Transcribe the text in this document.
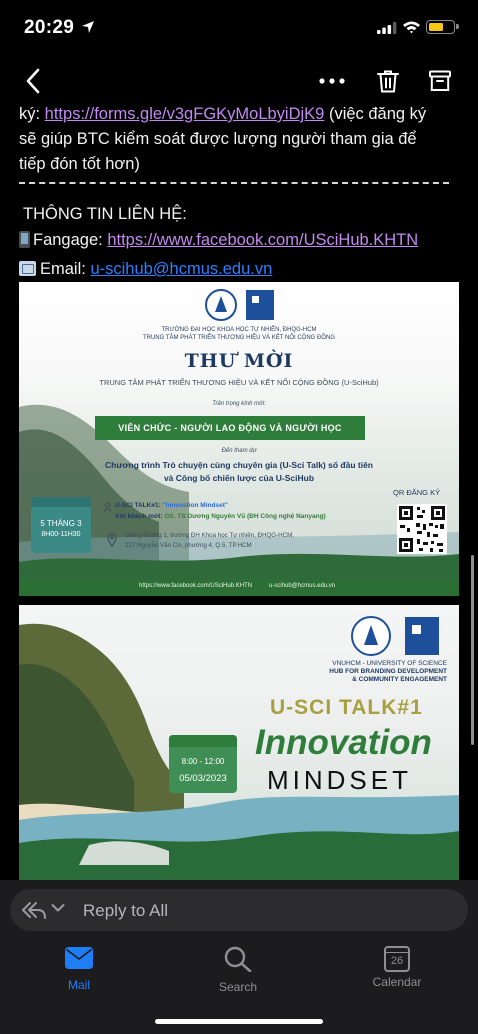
20:29
ký: https://forms.gle/v3gFGKyMoLbyiDjK9 (việc đăng ký
sẽ giúp BTC kiểm soát được lượng người tham gia để
tiếp đón tốt hơn)
THÔNG TIN LIÊN HỆ:
Fangage: https://www.facebook.com/USciHub.KHTN
Email: u-scihub@hcmus.edu.vn
TRƯỜNG ĐẠI HỌC KHOA HỌC TỰ NHIÊN, ĐHQG-HCM
TRUNG TÂM PHÁT TRIỂN THƯƠNG HIỆU VÀ KẾT NỐI CỘNG ĐỒNG
THƯ MỜI
TRUNG TÂM PHÁT TRIỂN THƯƠNG HIỆU VÀ KẾT NỐI CỘNG ĐỒNG (U-SciHub)
Trân trọng kính mời:
VIÊN CHỨC - NGƯỜI LAO ĐỘNG VÀ NGƯỜI HỌC
Đến tham dự
Chương trình Trò chuyện cùng chuyên gia (U-Sci Talk) số đầu tiên
và Công bố chiến lược của U-SciHub
5 THÁNG 3
8H00-11H30
U-SCI TALK#1: "Innovation Mindset"
Với khách mời: GS. TS Dương Nguyên Vũ (ĐH Công nghệ Nanyang)
Giảng đường 1, trường ĐH Khoa học Tự nhiên, ĐHQG-HCM,
227 Nguyễn Văn Cừ, phường 4, Q.5, TP.HCM
QR ĐĂNG KÝ
https://www.facebook.com/USciHub.KHTN	u-scihub@hcmus.edu.vn
VNUHCM - UNIVERSITY OF SCIENCE
HUB FOR BRANDING DEVELOPMENT
& COMMUNITY ENGAGEMENT
U-SCI TALK#1
Innovation
MINDSET
8:00 - 12:00
05/03/2023
Reply to All
Mail	Search
26
Calendar
